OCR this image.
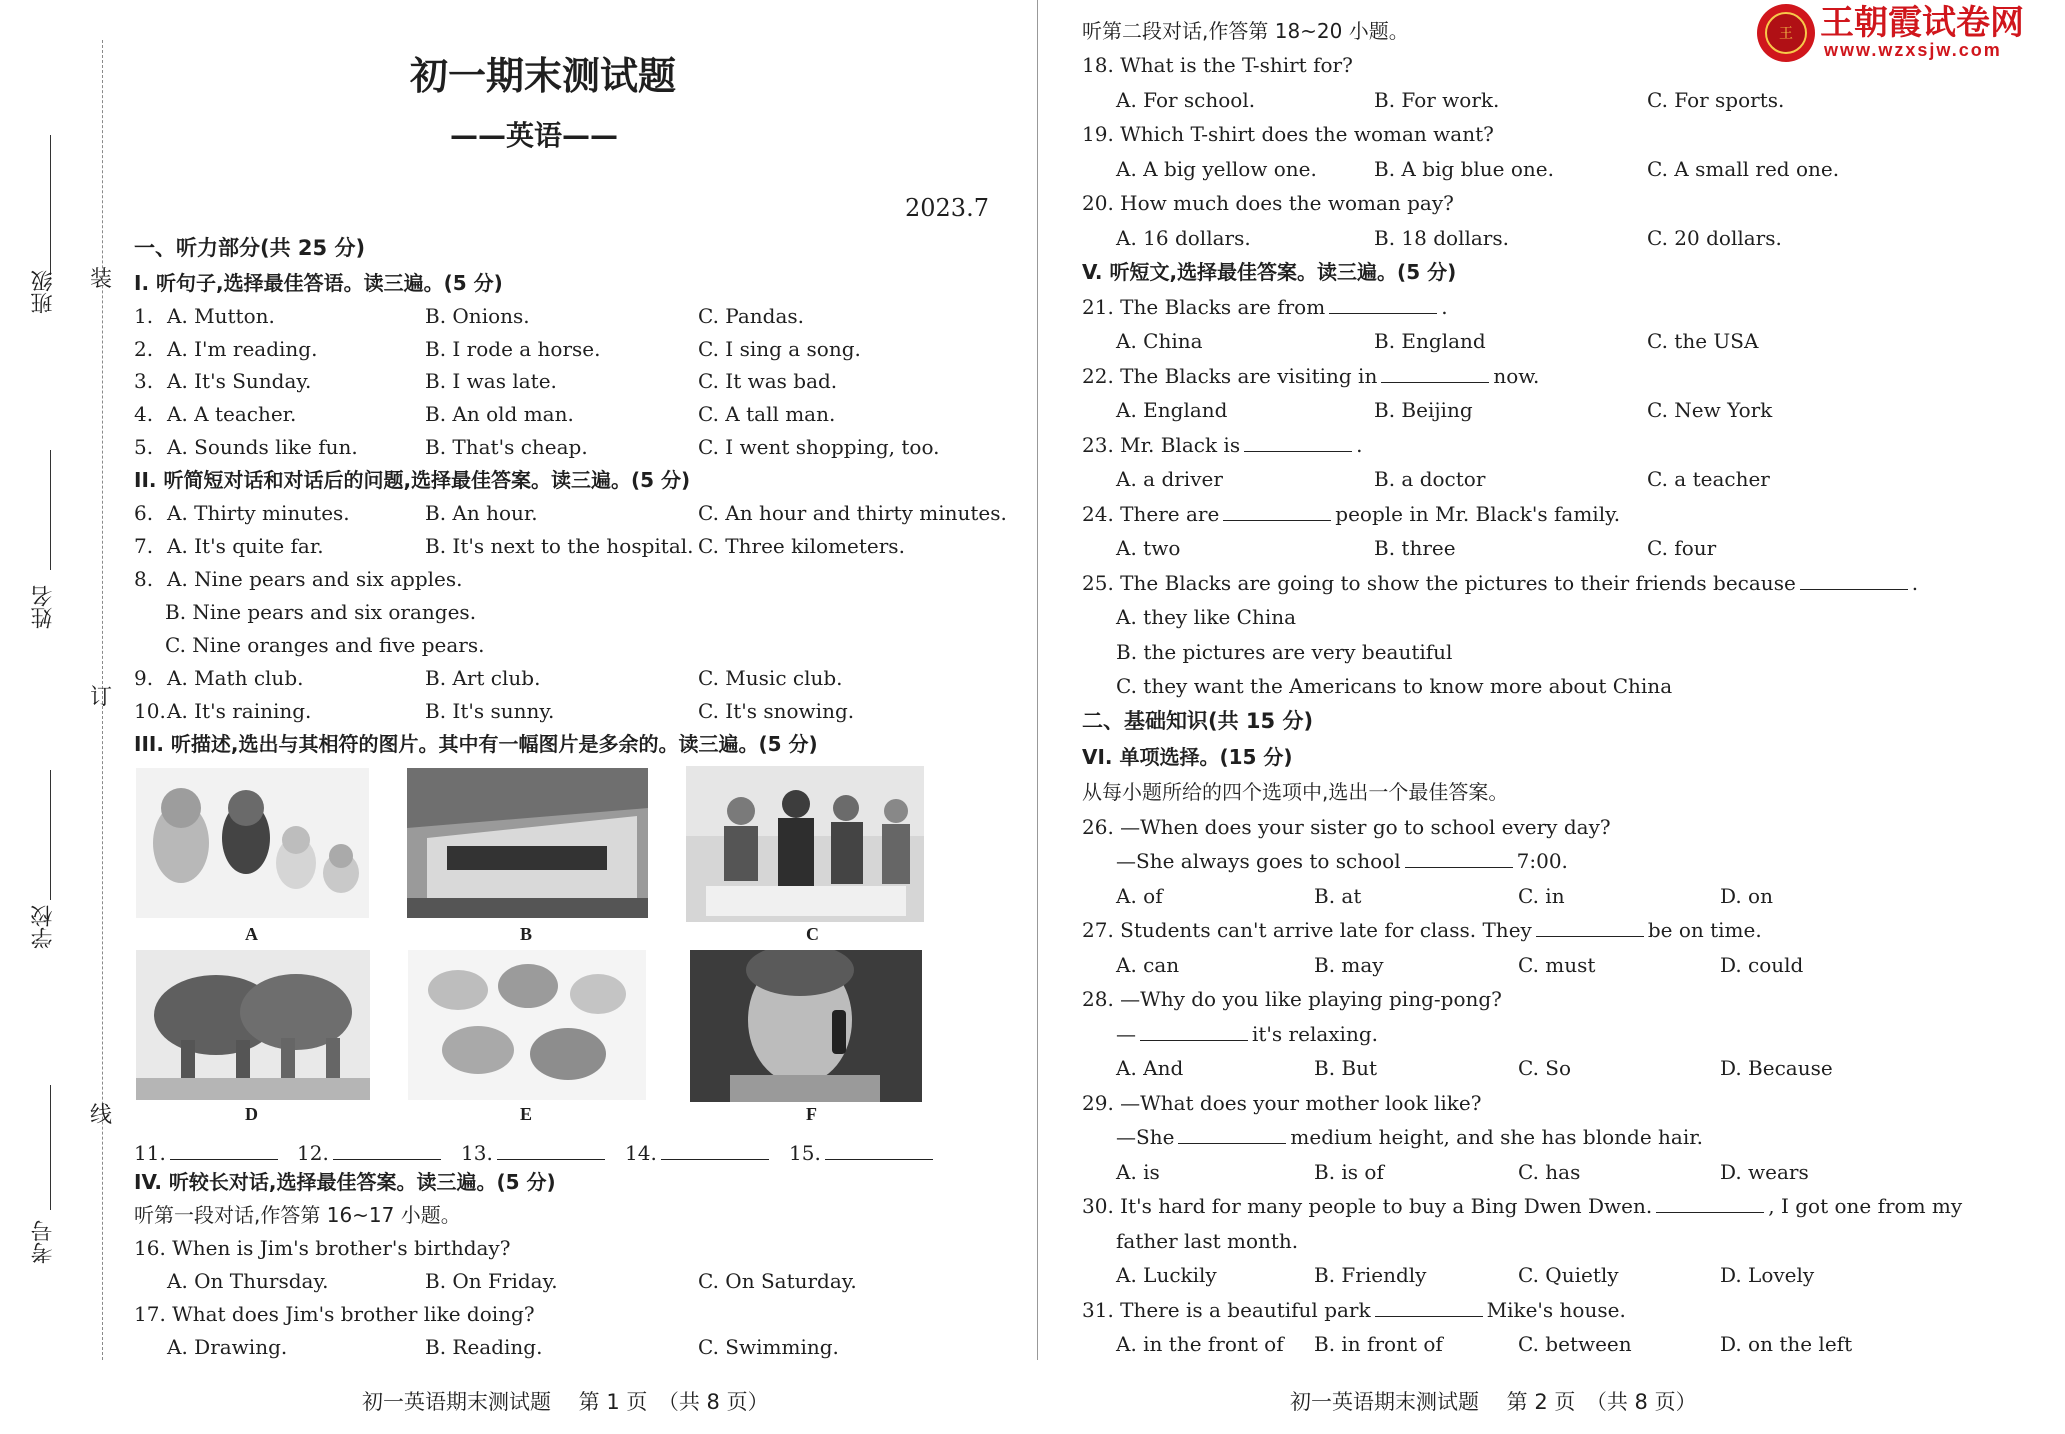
装
订
线
班级
姓名
学校
考号
初一期末测试题
——英语——
2023.7
一、听力部分(共 25 分)
I. 听句子,选择最佳答语。读三遍。(5 分)
1. A. Mutton.	B. Onions.	C. Pandas.
2. A. I'm reading.	B. I rode a horse.	C. I sing a song.
3. A. It's Sunday.	B. I was late.	C. It was bad.
4. A. A teacher.	B. An old man.	C. A tall man.
5. A. Sounds like fun.	B. That's cheap.	C. I went shopping, too.
II. 听简短对话和对话后的问题,选择最佳答案。读三遍。(5 分)
6. A. Thirty minutes.	B. An hour.	C. An hour and thirty minutes.
7. A. It's quite far.	B. It's next to the hospital. C. Three kilometers.
8. A. Nine pears and six apples.
B. Nine pears and six oranges.
C. Nine oranges and five pears.
9. A. Math club.	B. Art club.	C. Music club.
10. A. It's raining.	B. It's sunny.	C. It's snowing.
III. 听描述,选出与其相符的图片。其中有一幅图片是多余的。读三遍。(5 分)
A	B	C
D	E	F
11.	12.	13.	14.	15.
IV. 听较长对话,选择最佳答案。读三遍。(5 分)
听第一段对话,作答第 16~17 小题。
16. When is Jim's brother's birthday?
A. On Thursday.	B. On Friday.	C. On Saturday.
17. What does Jim's brother like doing?
A. Drawing.	B. Reading.	C. Swimming.
初一英语期末测试题　 第 1 页　（共 8 页）
王 王朝霞试卷网
www.wzxsjw.com
听第二段对话,作答第 18~20 小题。
18. What is the T-shirt for?
A. For school.	B. For work.	C. For sports.
19. Which T-shirt does the woman want?
A. A big yellow one.	B. A big blue one.	C. A small red one.
20. How much does the woman pay?
A. 16 dollars.	B. 18 dollars.	C. 20 dollars.
V. 听短文,选择最佳答案。读三遍。(5 分)
21. The Blacks are from	.
A. China	B. England	C. the USA
22. The Blacks are visiting in	now.
A. England	B. Beijing	C. New York
23. Mr. Black is	.
A. a driver	B. a doctor	C. a teacher
24. There are	people in Mr. Black's family.
A. two	B. three	C. four
25. The Blacks are going to show the pictures to their friends because	.
A. they like China
B. the pictures are very beautiful
C. they want the Americans to know more about China
二、基础知识(共 15 分)
VI. 单项选择。(15 分)
从每小题所给的四个选项中,选出一个最佳答案。
26. —When does your sister go to school every day?
—She always goes to school	7:00.
A. of	B. at	C. in	D. on
27. Students can't arrive late for class. They	be on time.
A. can	B. may	C. must	D. could
28. —Why do you like playing ping-pong?
—	it's relaxing.
A. And	B. But	C. So	D. Because
29. —What does your mother look like?
—She	medium height, and she has blonde hair.
A. is	B. is of	C. has	D. wears
30. It's hard for many people to buy a Bing Dwen Dwen.	, I got one from my
father last month.
A. Luckily	B. Friendly	C. Quietly	D. Lovely
31. There is a beautiful park	Mike's house.
A. in the front of B. in front of	C. between	D. on the left
初一英语期末测试题　 第 2 页　（共 8 页）
